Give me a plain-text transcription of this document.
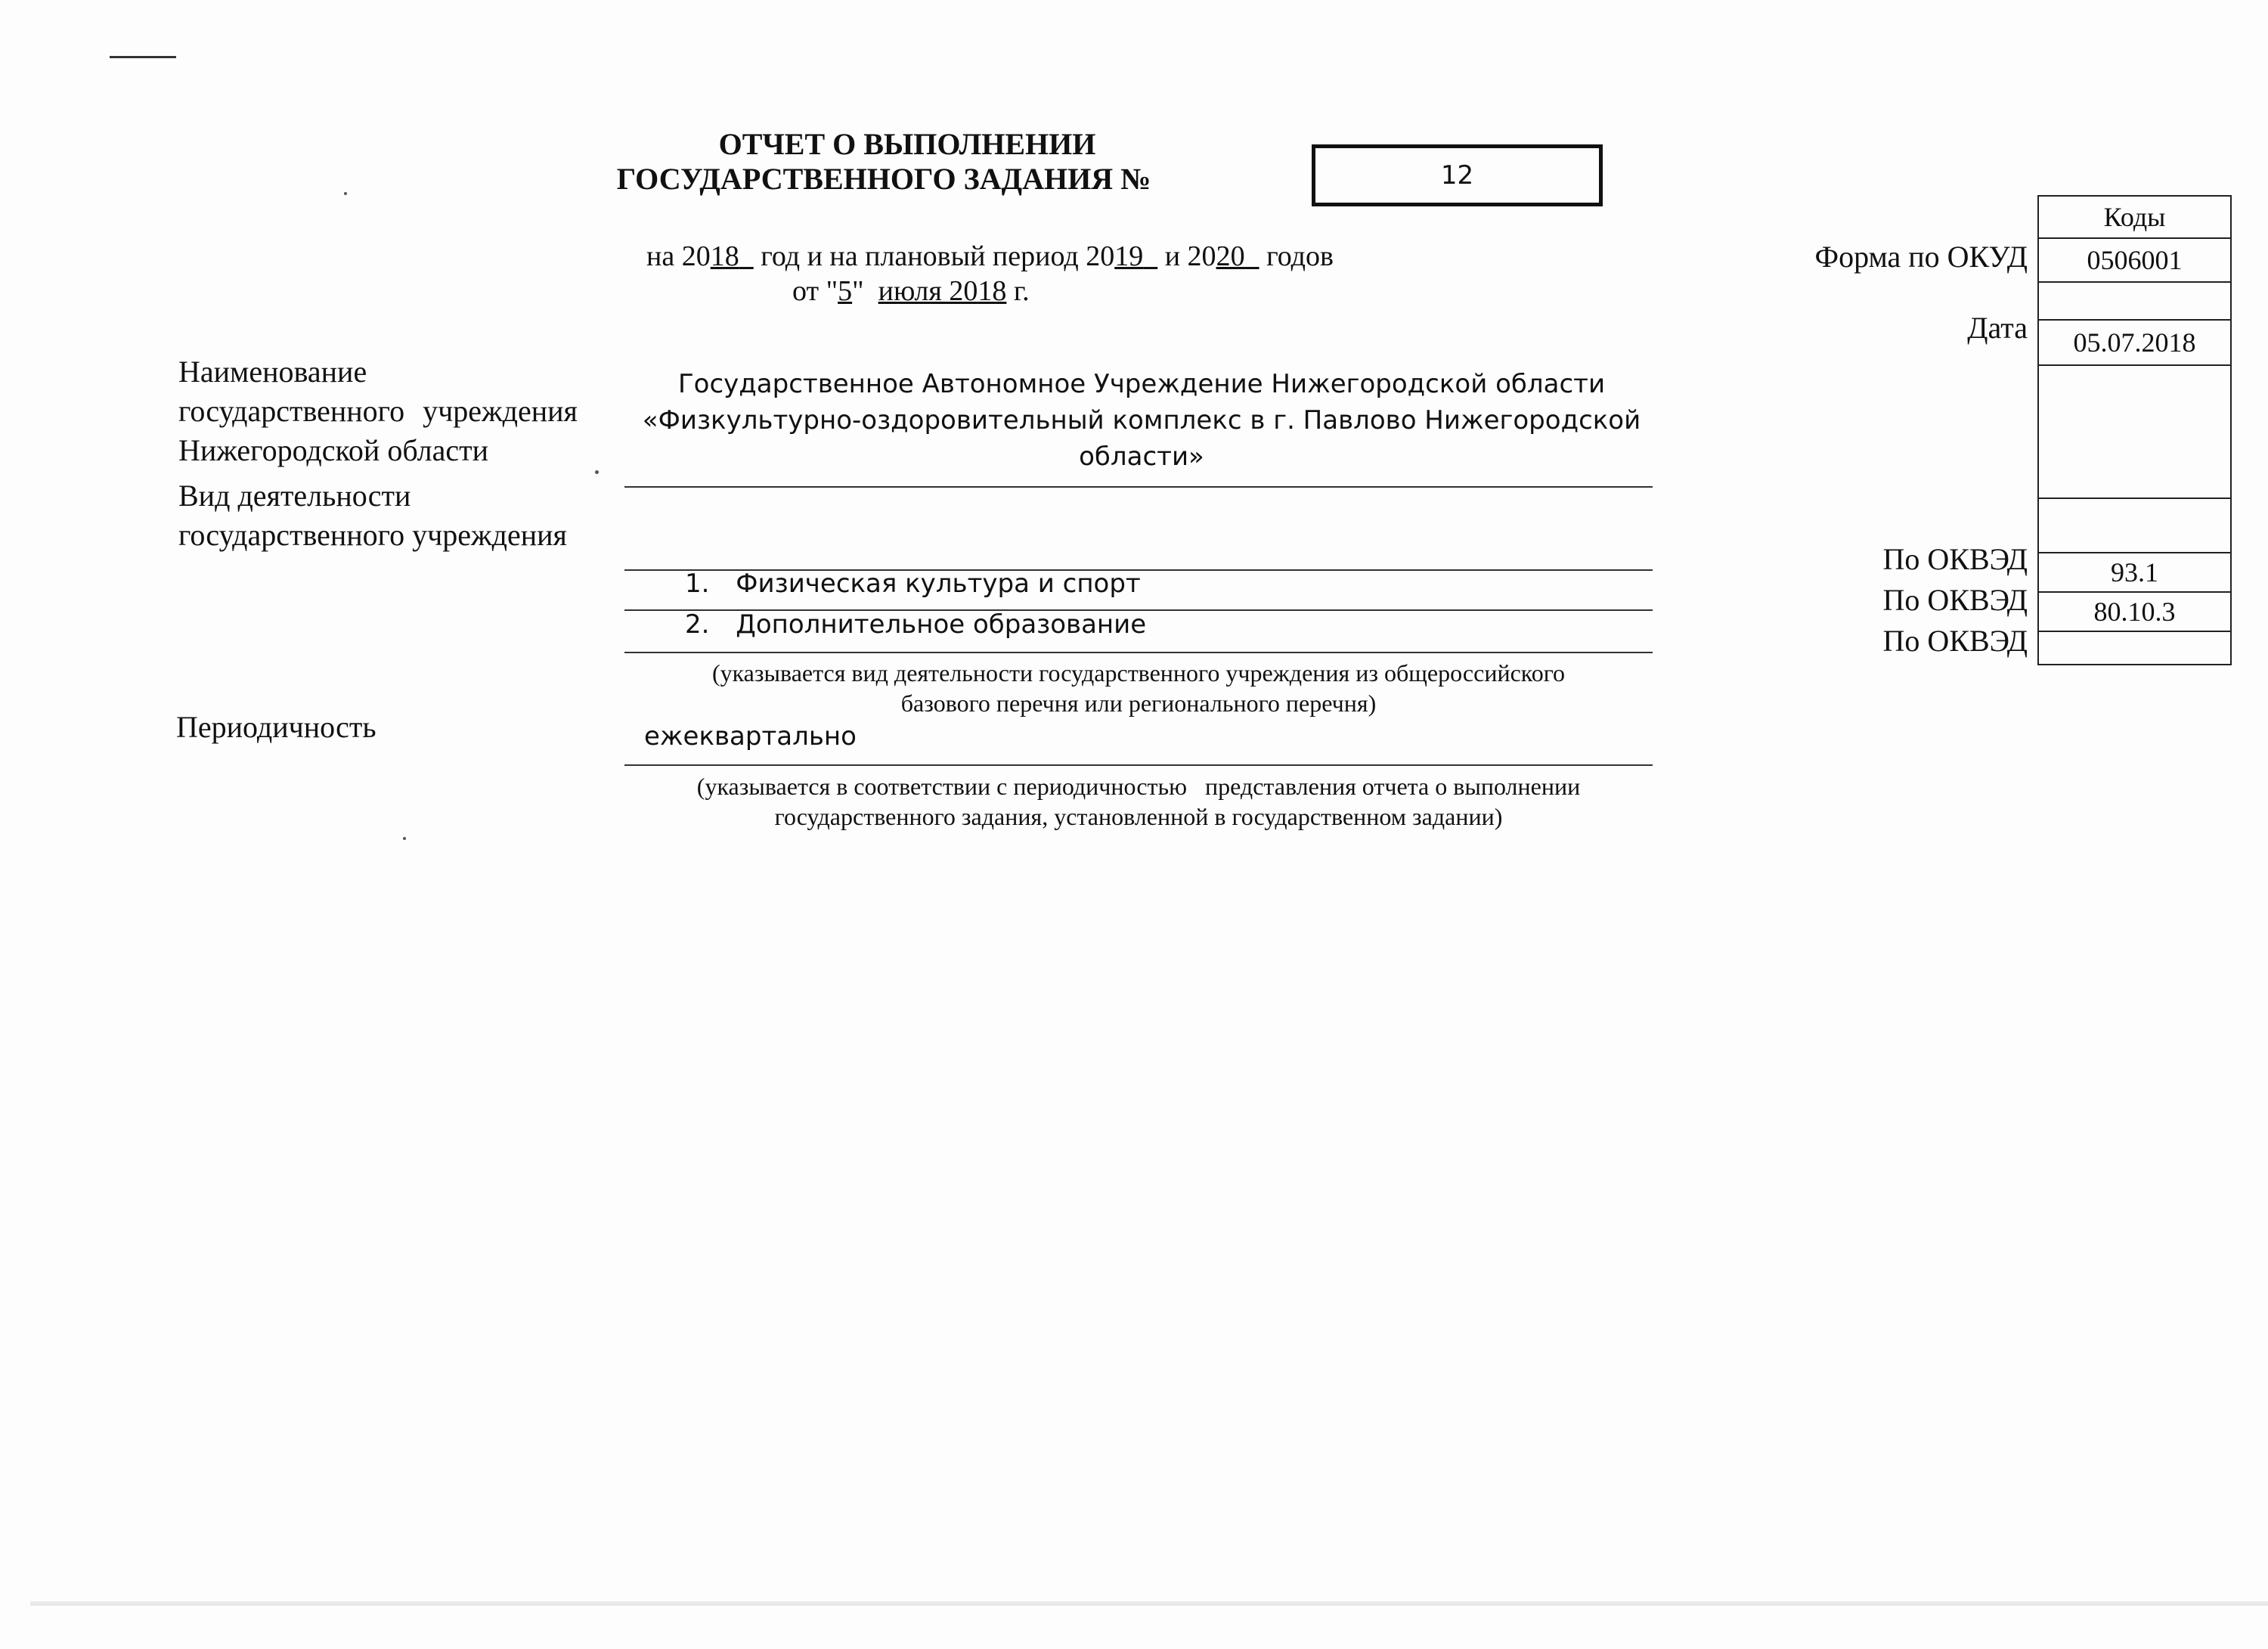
ОТЧЕТ О ВЫПОЛНЕНИИ
ГОСУДАРСТВЕННОГО ЗАДАНИЯ №	12
на 2018 год и на плановый период 2019 и 2020 годов
от "5" июля 2018 г.
Коды
0506001
05.07.2018
93.1
80.10.3
Форма по ОКУД
Дата
По ОКВЭД
По ОКВЭД
По ОКВЭД
Наименование
государственного учреждения
Нижегородской области
Государственное Автономное Учреждение Нижегородской области
«Физкультурно-оздоровительный комплекс в г. Павлово Нижегородской
области»
Вид деятельности
государственного учреждения
1. Физическая культура и спорт
2. Дополнительное образование
(указывается вид деятельности государственного учреждения из общероссийского
базового перечня или регионального перечня)
Периодичность	ежеквартально
(указывается в соответствии с периодичностью   представления отчета о выполнении
государственного задания, установленной в государственном задании)
